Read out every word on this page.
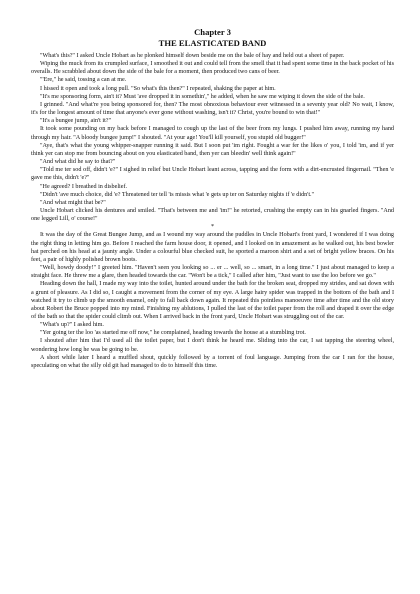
Chapter 3
THE ELASTICATED BAND

"What's this?" I asked Uncle Hobart as he plonked himself down beside me on the bale of hay and held out a sheet of paper.

Wiping the muck from its crumpled surface, I smoothed it out and could tell from the smell that it had spent some time in the back pocket of his overalls. He scrabbled about down the side of the bale for a moment, then produced two cans of beer.

"'Ere," he said, tossing a can at me.

I hissed it open and took a long pull. "So what's this then?" I repeated, shaking the paper at him.

"It's me sponsoring form, ain't it? Must 'ave dropped it in somethin'," he added, when he saw me wiping it down the side of the bale.

I grinned. "And what're you being sponsored for, then? The most obnoxious behaviour ever witnessed in a seventy year old? No wait, I know, it's for the longest amount of time that anyone's ever gone without washing, isn't it? Christ, you're bound to win that!"

"It's a bungee jump, ain't it?"

It took some pounding on my back before I managed to cough up the last of the beer from my lungs. I pushed him away, running my hand through my hair. "A bloody bungee jump!" I shouted. "At your age! You'll kill yourself, you stupid old bugger!"

"Aye, that's what the young whipper-snapper running it said. But I soon put 'im right. Fought a war fer the likes o' you, I told 'im, and if yer think yer can stop me from bouncing about on you elasticated band, then yer can bleedin' well think again!"

"And what did he say to that?"

"Told me ter sod off, didn't 'e?" I sighed in relief but Uncle Hobart leant across, tapping and the form with a dirt-encrusted fingernail. "Then 'e gave me this, didn't 'e?"

"He agreed? I breathed in disbelief.

"Didn't 'ave much choice, did 'e? Threatened ter tell 'is missis what 'e gets up ter on Saturday nights if 'e didn't."

"And what might that be?"

Uncle Hobart clicked his dentures and smiled. "That's between me and 'im!" he retorted, crushing the empty can in his gnarled fingers. "And one legged Lill, o' course!"

*

It was the day of the Great Bungee Jump, and as I wound my way around the puddles in Uncle Hobart's front yard, I wondered if I was doing the right thing in letting him go. Before I reached the farm house door, it opened, and I looked on in amazement as he walked out, his best bowler hat perched on his head at a jaunty angle. Under a colourful blue checked suit, he sported a maroon shirt and a set of bright yellow braces. On his feet, a pair of highly polished brown boots.

"Well, howdy doody!" I greeted him. "Haven't seen you looking so ... er ... well, so ... smart, in a long time." I just about managed to keep a straight face. He threw me a glare, then headed towards the car. "Won't be a tick," I called after him, "Just want to use the loo before we go."

Heading down the hall, I made my way into the toilet, hunted around under the bath for the broken seat, dropped my strides, and sat down with a grunt of pleasure. As I did so, I caught a movement from the corner of my eye. A large hairy spider was trapped in the bottom of the bath and I watched it try to climb up the smooth enamel, only to fall back down again. It repeated this pointless manoeuvre time after time and the old story about Robert the Bruce popped into my mind. Finishing my ablutions, I pulled the last of the toilet paper from the roll and draped it over the edge of the bath so that the spider could climb out. When I arrived back in the front yard, Uncle Hobart was struggling out of the car.

"What's up?" I asked him.

"Yer going ter the loo 'as started me off now," he complained, heading towards the house at a stumbling trot.

I shouted after him that I'd used all the toilet paper, but I don't think he heard me. Sliding into the car, I sat tapping the steering wheel, wondering how long he was be going to be.

A short while later I heard a muffled shout, quickly followed by a torrent of foul language. Jumping from the car I ran for the house, speculating on what the silly old git had managed to do to himself this time.
